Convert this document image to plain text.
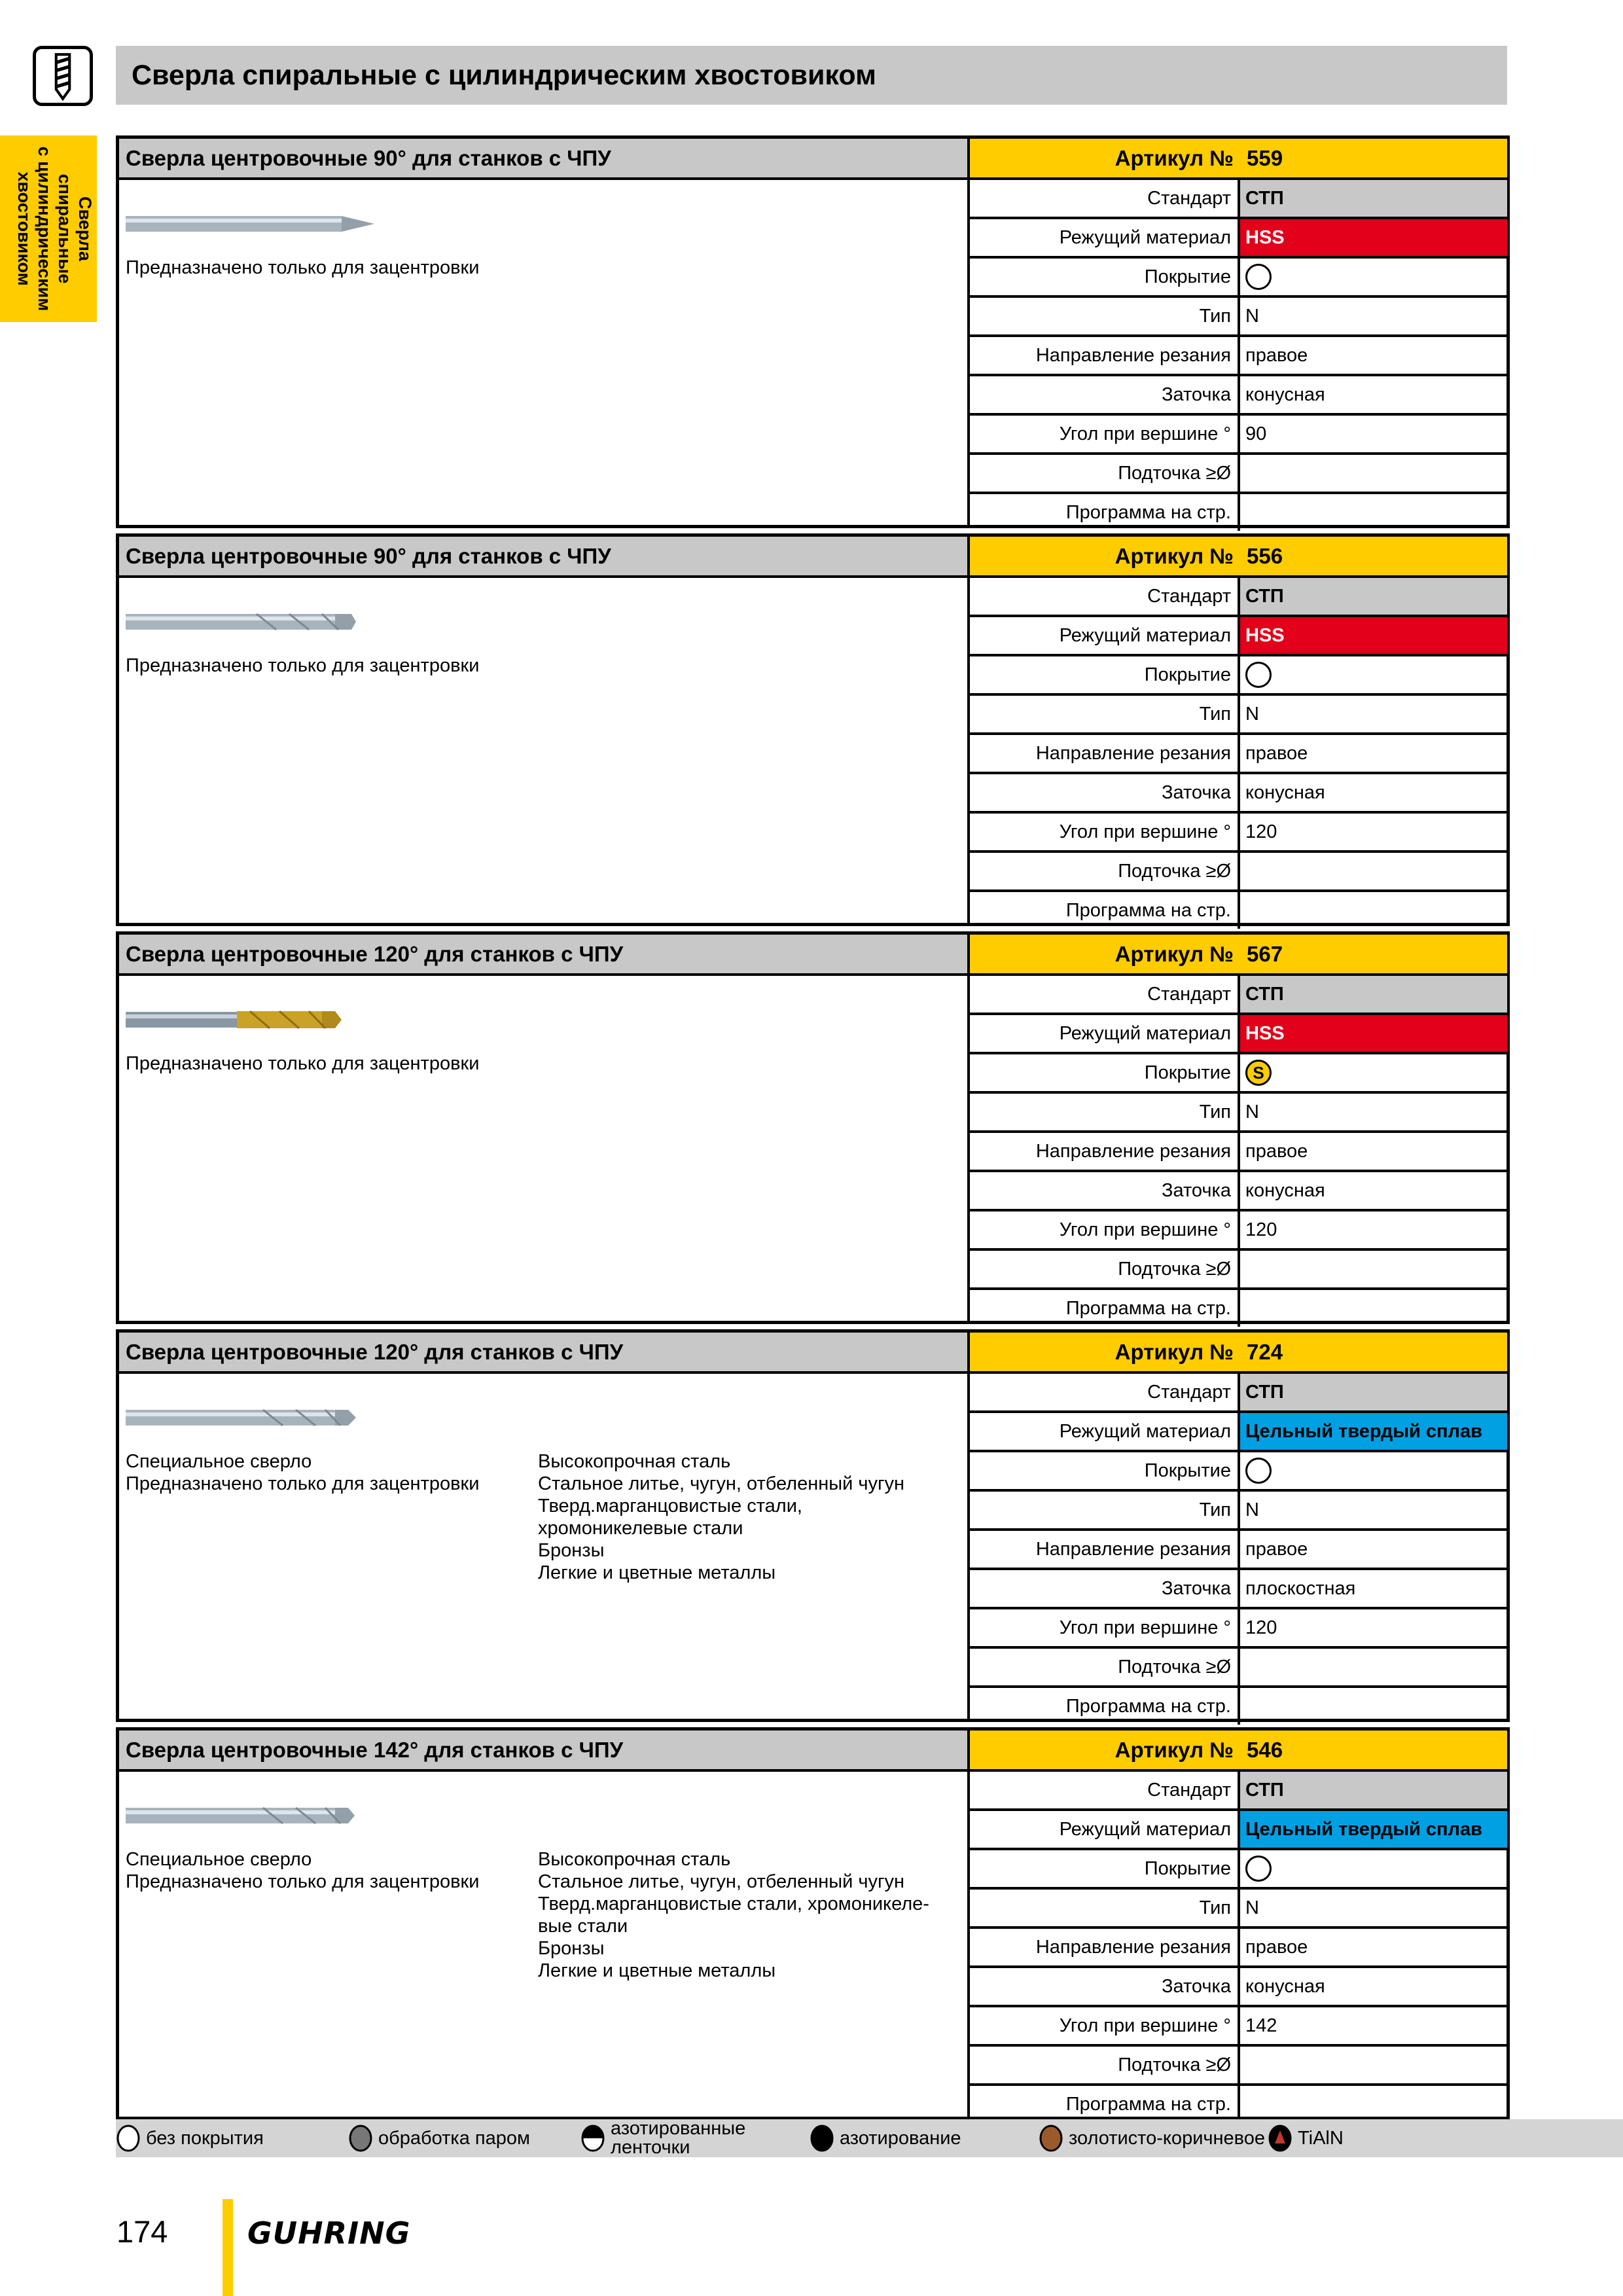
Сверла спиральные с цилиндрическим хвостовиком
Сверла спиральные
с цилиндрическим
хвостовиком
Сверла центровочные 90° для станков с ЧПУ
Предназначено только для зацентровки
Артикул № 559
Стандарт СТП
Режущий материал HSS
Покрытие
Тип N
Направление резания правое
Заточка конусная
Угол при вершине ° 90
Подточка ≥Ø
Программа на стр.
Сверла центровочные 90° для станков с ЧПУ
Предназначено только для зацентровки
Артикул № 556
Стандарт СТП
Режущий материал HSS
Покрытие
Тип N
Направление резания правое
Заточка конусная
Угол при вершине ° 120
Подточка ≥Ø
Программа на стр.
Сверла центровочные 120° для станков с ЧПУ
Предназначено только для зацентровки
Артикул № 567
Стандарт СТП
Режущий материал HSS
Покрытие	S
Тип N
Направление резания правое
Заточка конусная
Угол при вершине ° 120
Подточка ≥Ø
Программа на стр.
Сверла центровочные 120° для станков с ЧПУ
Специальное сверло
Предназначено только для зацентровки
Высокопрочная сталь
Стальное литье, чугун, отбеленный чугун
Тверд.марганцовистые стали,
хромоникелевые стали
Бронзы
Легкие и цветные металлы
Артикул № 724
Стандарт СТП
Режущий материал Цельный твердый сплав
Покрытие
Тип N
Направление резания правое
Заточка плоскостная
Угол при вершине ° 120
Подточка ≥Ø
Программа на стр.
Сверла центровочные 142° для станков с ЧПУ
Специальное сверло
Предназначено только для зацентровки
Высокопрочная сталь
Стальное литье, чугун, отбеленный чугун
Тверд.марганцовистые стали, хромоникеле-
вые стали
Бронзы
Легкие и цветные металлы
Артикул № 546
Стандарт СТП
Режущий материал Цельный твердый сплав
Покрытие
Тип N
Направление резания правое
Заточка конусная
Угол при вершине ° 142
Подточка ≥Ø
Программа на стр.
без покрытия	обработка паром	азотированные
ленточки	азотирование	золотисто-коричневое TiAlN
174	GUHRING
